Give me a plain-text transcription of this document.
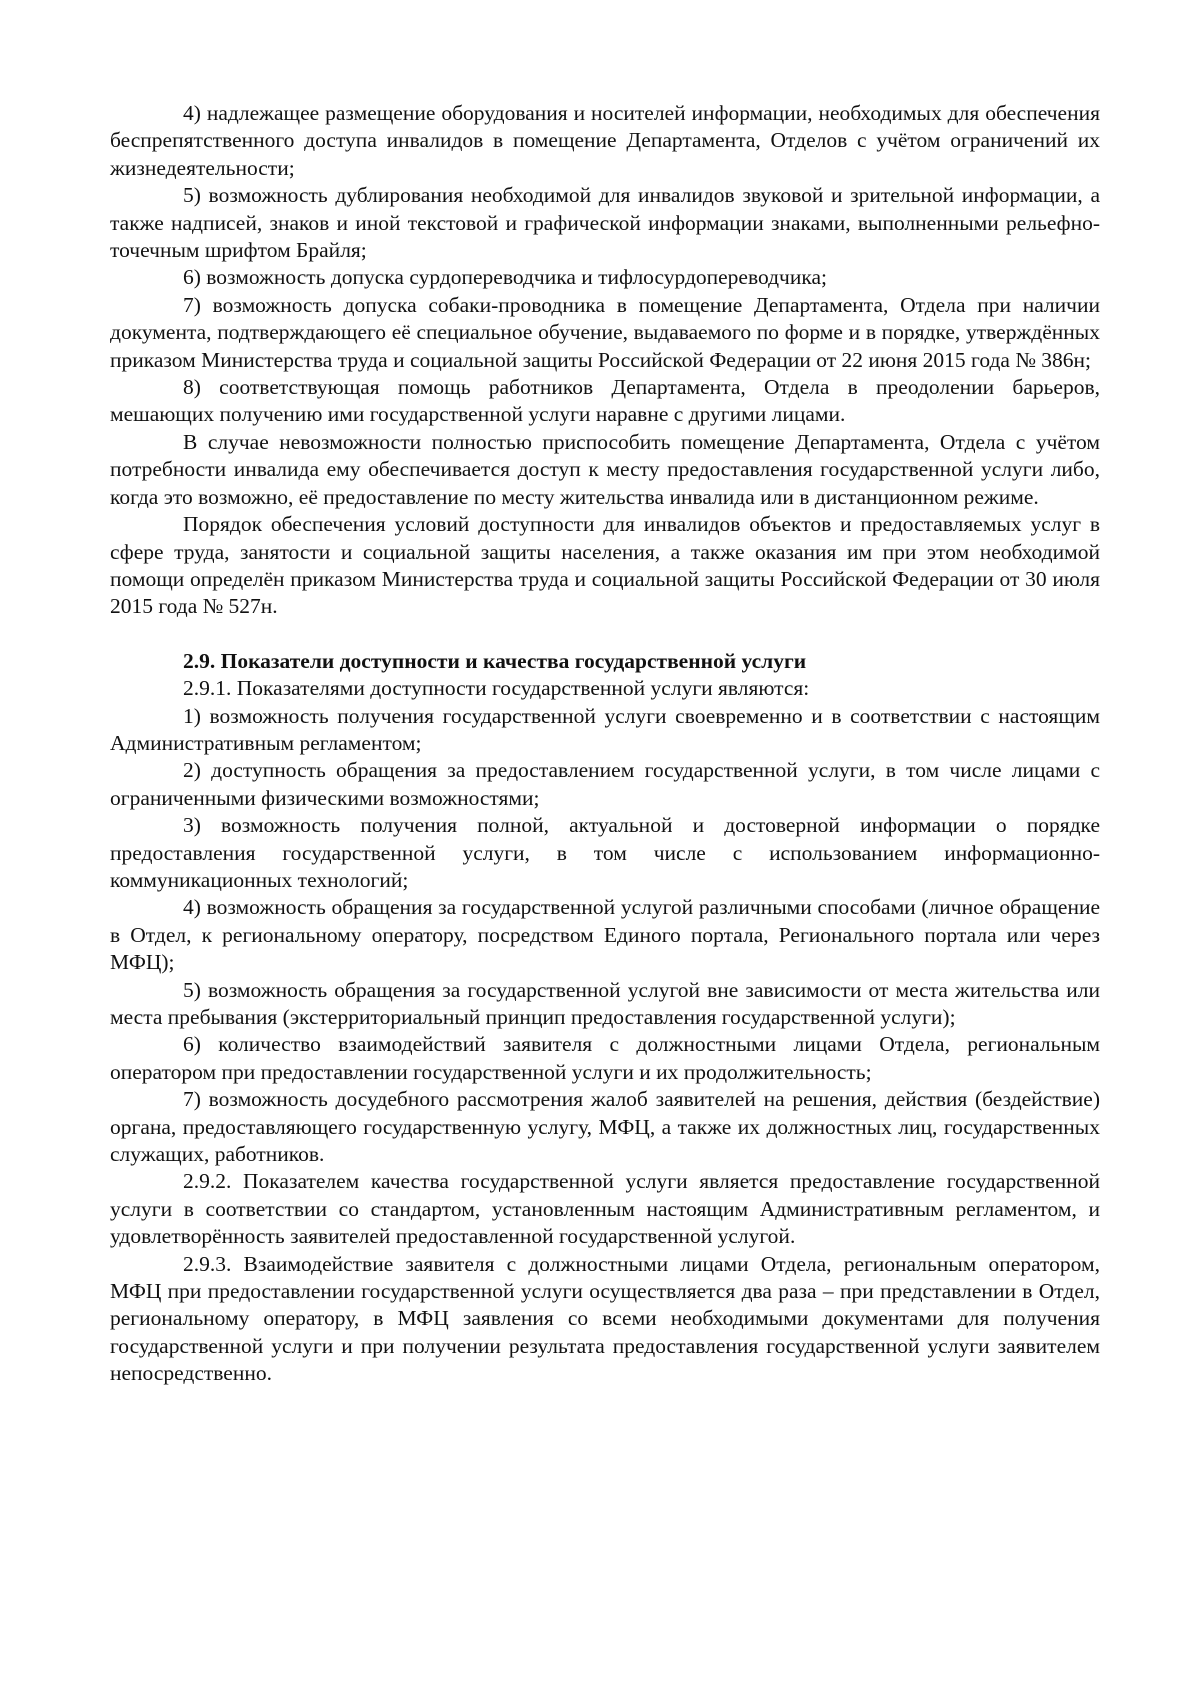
4) надлежащее размещение оборудования и носителей информации, необходимых для обеспечения беспрепятственного доступа инвалидов в помещение Департамента, Отделов с учётом ограничений их жизнедеятельности;

5) возможность дублирования необходимой для инвалидов звуковой и зрительной информации, а также надписей, знаков и иной текстовой и графической информации знаками, выполненными рельефно-точечным шрифтом Брайля;

6) возможность допуска сурдопереводчика и тифлосурдопереводчика;

7) возможность допуска собаки-проводника в помещение Департамента, Отдела при наличии документа, подтверждающего её специальное обучение, выдаваемого по форме и в порядке, утверждённых приказом Министерства труда и социальной защиты Российской Федерации от 22 июня 2015 года № 386н;

8) соответствующая помощь работников Департамента, Отдела в преодолении барьеров, мешающих получению ими государственной услуги наравне с другими лицами.

В случае невозможности полностью приспособить помещение Департамента, Отдела с учётом потребности инвалида ему обеспечивается доступ к месту предоставления государственной услуги либо, когда это возможно, её предоставление по месту жительства инвалида или в дистанционном режиме.

Порядок обеспечения условий доступности для инвалидов объектов и предоставляемых услуг в сфере труда, занятости и социальной защиты населения, а также оказания им при этом необходимой помощи определён приказом Министерства труда и социальной защиты Российской Федерации от 30 июля 2015 года № 527н.

2.9. Показатели доступности и качества государственной услуги

2.9.1. Показателями доступности государственной услуги являются:

1) возможность получения государственной услуги своевременно и в соответствии с настоящим Административным регламентом;

2) доступность обращения за предоставлением государственной услуги, в том числе лицами с ограниченными физическими возможностями;

3) возможность получения полной, актуальной и достоверной информации о порядке предоставления государственной услуги, в том числе с использованием информационно-коммуникационных технологий;

4) возможность обращения за государственной услугой различными способами (личное обращение в Отдел, к региональному оператору, посредством Единого портала, Регионального портала или через МФЦ);

5) возможность обращения за государственной услугой вне зависимости от места жительства или места пребывания (экстерриториальный принцип предоставления государственной услуги);

6) количество взаимодействий заявителя с должностными лицами Отдела, региональным оператором при предоставлении государственной услуги и их продолжительность;

7) возможность досудебного рассмотрения жалоб заявителей на решения, действия (бездействие) органа, предоставляющего государственную услугу, МФЦ, а также их должностных лиц, государственных служащих, работников.

2.9.2. Показателем качества государственной услуги является предоставление государственной услуги в соответствии со стандартом, установленным настоящим Административным регламентом, и удовлетворённость заявителей предоставленной государственной услугой.

2.9.3. Взаимодействие заявителя с должностными лицами Отдела, региональным оператором, МФЦ при предоставлении государственной услуги осуществляется два раза – при представлении в Отдел, региональному оператору, в МФЦ заявления со всеми необходимыми документами для получения государственной услуги и при получении результата предоставления государственной услуги заявителем непосредственно.
